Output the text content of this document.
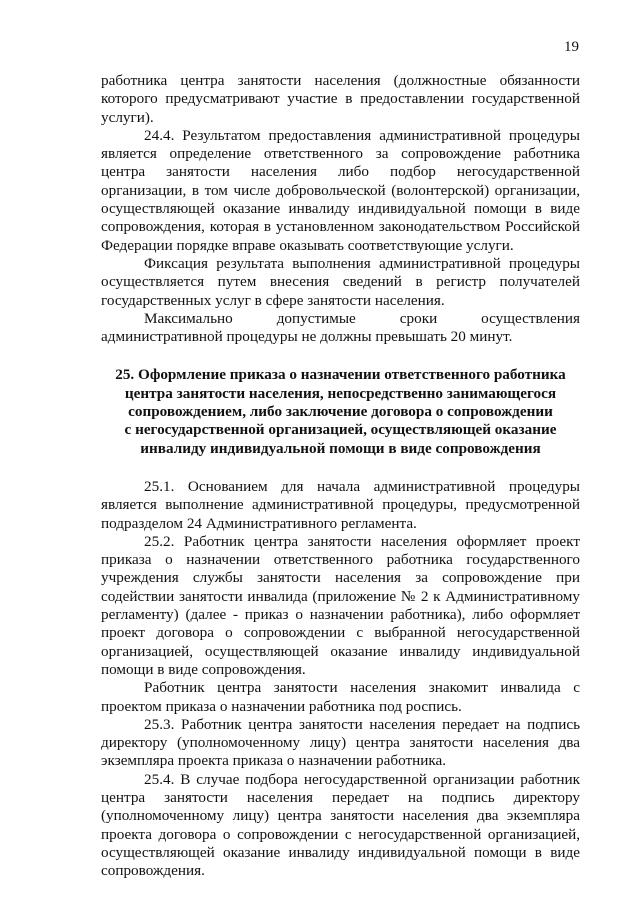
19

работника центра занятости населения (должностные обязанности которого предусматривают участие в предоставлении государственной услуги).

24.4. Результатом предоставления административной процедуры является определение ответственного за сопровождение работника центра занятости населения либо подбор негосударственной организации, в том числе добровольческой (волонтерской) организации, осуществляющей оказание инвалиду индивидуальной помощи в виде сопровождения, которая в установленном законодательством Российской Федерации порядке вправе оказывать соответствующие услуги.

Фиксация результата выполнения административной процедуры осуществляется путем внесения сведений в регистр получателей государственных услуг в сфере занятости населения.

Максимально допустимые сроки осуществления административной процедуры не должны превышать 20 минут.

25. Оформление приказа о назначении ответственного работника
центра занятости населения, непосредственно занимающегося
сопровождением, либо заключение договора о сопровождении
с негосударственной организацией, осуществляющей оказание
инвалиду индивидуальной помощи в виде сопровождения

25.1. Основанием для начала административной процедуры является выполнение административной процедуры, предусмотренной подразделом 24 Административного регламента.

25.2. Работник центра занятости населения оформляет проект приказа о назначении ответственного работника государственного учреждения службы занятости населения за сопровождение при содействии занятости инвалида (приложение № 2 к Административному регламенту) (далее - приказ о назначении работника), либо оформляет проект договора о сопровождении с выбранной негосударственной организацией, осуществляющей оказание инвалиду индивидуальной помощи в виде сопровождения.

Работник центра занятости населения знакомит инвалида с проектом приказа о назначении работника под роспись.

25.3. Работник центра занятости населения передает на подпись директору (уполномоченному лицу) центра занятости населения два экземпляра проекта приказа о назначении работника.

25.4. В случае подбора негосударственной организации работник центра занятости населения передает на подпись директору (уполномоченному лицу) центра занятости населения два экземпляра проекта договора о сопровождении с негосударственной организацией, осуществляющей оказание инвалиду индивидуальной помощи в виде сопровождения.
